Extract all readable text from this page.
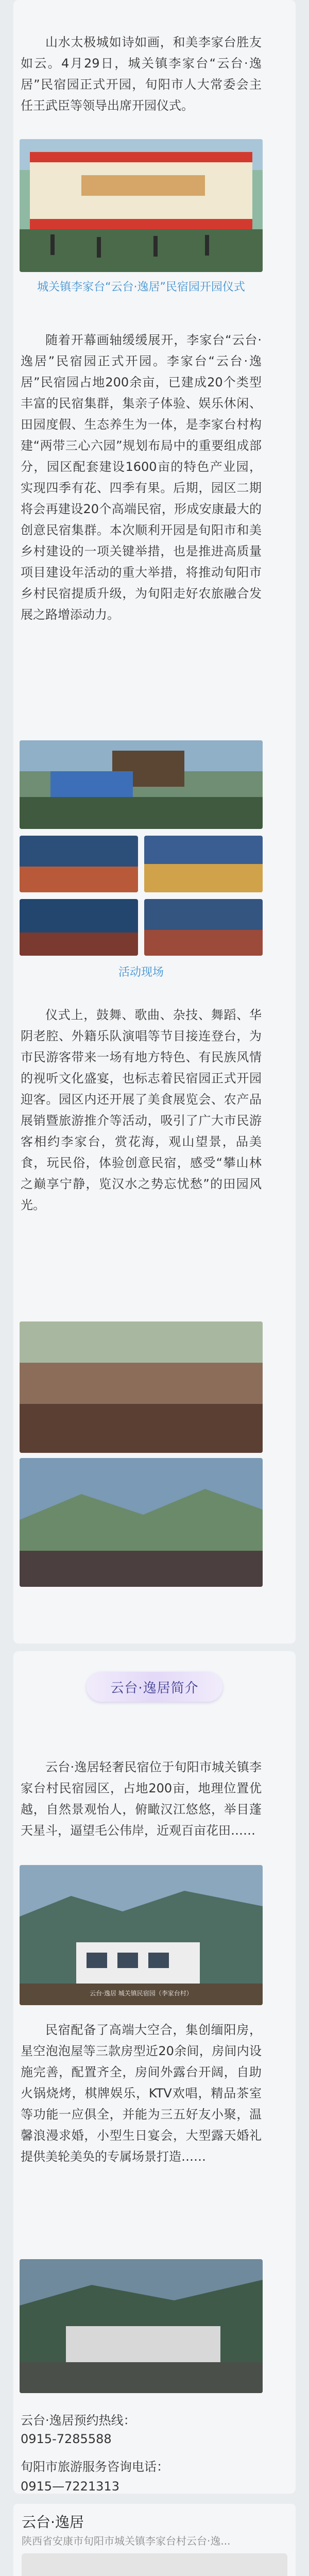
山水太极城如诗如画，和美李家台胜友如云。4月29日，城关镇李家台“云台·逸居”民宿园正式开园，旬阳市人大常委会主任王武臣等领导出席开园仪式。

城关镇李家台“云台·逸居”民宿园开园仪式

随着开幕画轴缓缓展开，李家台“云台·逸居”民宿园正式开园。李家台“云台·逸居”民宿园占地200余亩，已建成20个类型丰富的民宿集群，集亲子体验、娱乐休闲、田园度假、生态养生为一体，是李家台村构建“两带三心六园”规划布局中的重要组成部分，园区配套建设1600亩的特色产业园，实现四季有花、四季有果。后期，园区二期将会再建设20个高端民宿，形成安康最大的创意民宿集群。本次顺利开园是旬阳市和美乡村建设的一项关键举措，也是推进高质量项目建设年活动的重大举措，将推动旬阳市乡村民宿提质升级，为旬阳走好农旅融合发展之路增添动力。

活动现场

仪式上，鼓舞、歌曲、杂技、舞蹈、华阴老腔、外籍乐队演唱等节目接连登台，为市民游客带来一场有地方特色、有民族风情的视听文化盛宴，也标志着民宿园正式开园迎客。园区内还开展了美食展览会、农产品展销暨旅游推介等活动，吸引了广大市民游客相约李家台，赏花海，观山望景，品美食，玩民俗，体验创意民宿，感受“攀山林之巅享宁静，览汉水之势忘忧愁”的田园风光。

云台·逸居简介

云台·逸居轻奢民宿位于旬阳市城关镇李家台村民宿园区，占地200亩，地理位置优越，自然景观怡人，俯瞰汉江悠悠，举目蓬天星斗，逼望毛公伟岸，近观百亩花田……

云台·逸居 城关镇民宿园（李家台村）

民宿配备了高端大空合，集创缅阳房，星空泡泡屋等三款房型近20余间，房间内设施完善，配置齐全，房间外露台开阔，自助火锅烧烤，棋牌娱乐，KTV欢唱，精品茶室等功能一应俱全，并能为三五好友小聚，温馨浪漫求婚，小型生日宴会，大型露天婚礼提供美轮美奂的专属场景打造……

云台·逸居预约热线：
0915-7285588
旬阳市旅游服务咨询电话：
0915—7221313
云台·逸居
陕西省安康市旬阳市城关镇李家台村云台·逸...
